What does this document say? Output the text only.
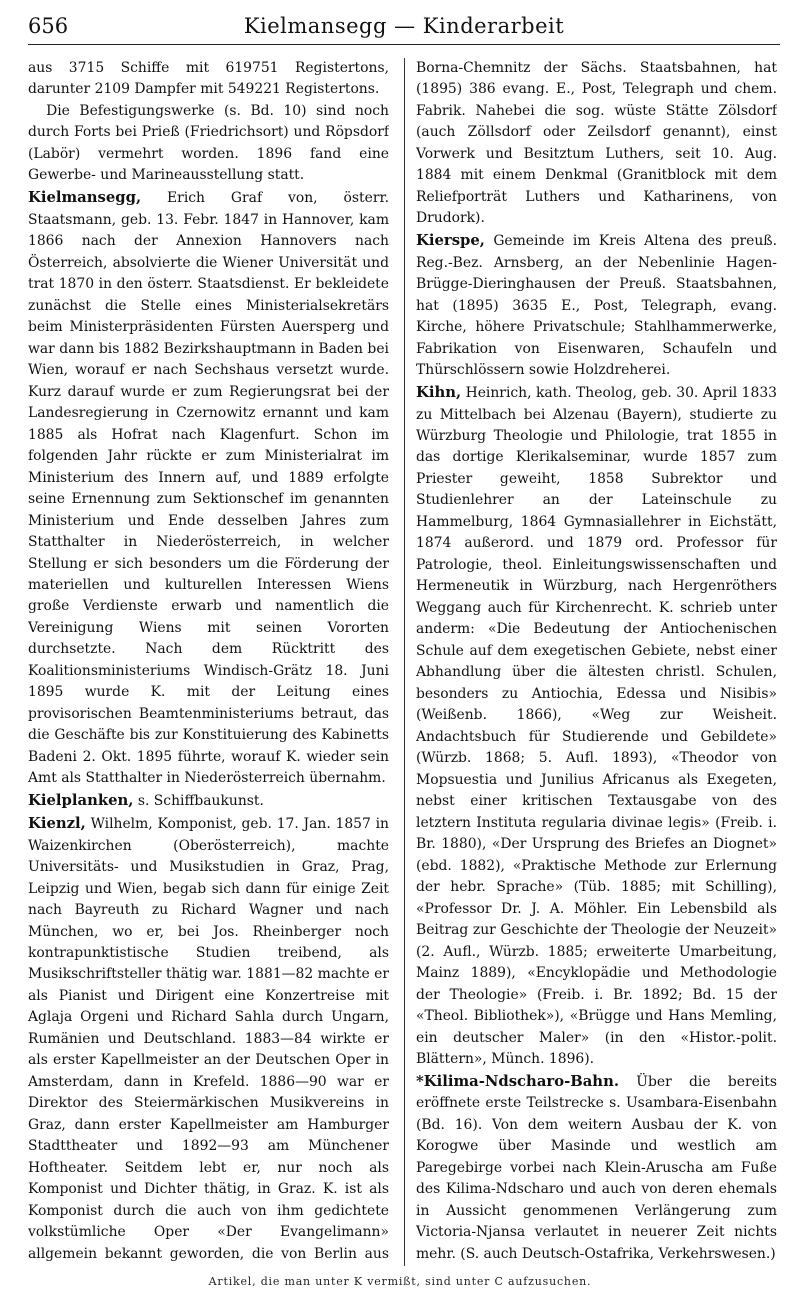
656	Kielmansegg — Kinderarbeit

aus 3715 Schiffe mit 619751 Registertons, darunter 2109 Dampfer mit 549221 Registertons.

Die Befestigungswerke (s. Bd. 10) sind noch durch Forts bei Prieß (Friedrichsort) und Röpsdorf (Labör) vermehrt worden. 1896 fand eine Gewerbe- und Marineausstellung statt.

Kielmansegg, Erich Graf von, österr. Staatsmann, geb. 13. Febr. 1847 in Hannover, kam 1866 nach der Annexion Hannovers nach Österreich, absolvierte die Wiener Universität und trat 1870 in den österr. Staatsdienst. Er bekleidete zunächst die Stelle eines Ministerialsekretärs beim Ministerpräsidenten Fürsten Auersperg und war dann bis 1882 Bezirkshauptmann in Baden bei Wien, worauf er nach Sechshaus versetzt wurde. Kurz darauf wurde er zum Regierungsrat bei der Landesregierung in Czernowitz ernannt und kam 1885 als Hofrat nach Klagenfurt. Schon im folgenden Jahr rückte er zum Ministerialrat im Ministerium des Innern auf, und 1889 erfolgte seine Ernennung zum Sektionschef im genannten Ministerium und Ende desselben Jahres zum Statthalter in Niederösterreich, in welcher Stellung er sich besonders um die Förderung der materiellen und kulturellen Interessen Wiens große Verdienste erwarb und namentlich die Vereinigung Wiens mit seinen Vororten durchsetzte. Nach dem Rücktritt des Koalitionsministeriums Windisch-Grätz 18. Juni 1895 wurde K. mit der Leitung eines provisorischen Beamtenministeriums betraut, das die Geschäfte bis zur Konstituierung des Kabinetts Badeni 2. Okt. 1895 führte, worauf K. wieder sein Amt als Statthalter in Niederösterreich übernahm.

Kielplanken, s. Schiffbaukunst.

Kienzl, Wilhelm, Komponist, geb. 17. Jan. 1857 in Waizenkirchen (Oberösterreich), machte Universitäts- und Musikstudien in Graz, Prag, Leipzig und Wien, begab sich dann für einige Zeit nach Bayreuth zu Richard Wagner und nach München, wo er, bei Jos. Rheinberger noch kontrapunktistische Studien treibend, als Musikschriftsteller thätig war. 1881—82 machte er als Pianist und Dirigent eine Konzertreise mit Aglaja Orgeni und Richard Sahla durch Ungarn, Rumänien und Deutschland. 1883—84 wirkte er als erster Kapellmeister an der Deutschen Oper in Amsterdam, dann in Krefeld. 1886—90 war er Direktor des Steiermärkischen Musikvereins in Graz, dann erster Kapellmeister am Hamburger Stadttheater und 1892—93 am Münchener Hoftheater. Seitdem lebt er, nur noch als Komponist und Dichter thätig, in Graz. K. ist als Komponist durch die auch von ihm gedichtete volkstümliche Oper «Der Evangelimann» allgemein bekannt geworden, die von Berlin aus

Borna-Chemnitz der Sächs. Staatsbahnen, hat (1895) 386 evang. E., Post, Telegraph und chem. Fabrik. Nahebei die sog. wüste Stätte Zölsdorf (auch Zöllsdorf oder Zeilsdorf genannt), einst Vorwerk und Besitztum Luthers, seit 10. Aug. 1884 mit einem Denkmal (Granitblock mit dem Reliefporträt Luthers und Katharinens, von Drudork).

Kierspe, Gemeinde im Kreis Altena des preuß. Reg.-Bez. Arnsberg, an der Nebenlinie Hagen-Brügge-Dieringhausen der Preuß. Staatsbahnen, hat (1895) 3635 E., Post, Telegraph, evang. Kirche, höhere Privatschule; Stahlhammerwerke, Fabrikation von Eisenwaren, Schaufeln und Thürschlössern sowie Holzdreherei.

Kihn, Heinrich, kath. Theolog, geb. 30. April 1833 zu Mittelbach bei Alzenau (Bayern), studierte zu Würzburg Theologie und Philologie, trat 1855 in das dortige Klerikalseminar, wurde 1857 zum Priester geweiht, 1858 Subrektor und Studienlehrer an der Lateinschule zu Hammelburg, 1864 Gymnasiallehrer in Eichstätt, 1874 außerord. und 1879 ord. Professor für Patrologie, theol. Einleitungswissenschaften und Hermeneutik in Würzburg, nach Hergenröthers Weggang auch für Kirchenrecht. K. schrieb unter anderm: «Die Bedeutung der Antiochenischen Schule auf dem exegetischen Gebiete, nebst einer Abhandlung über die ältesten christl. Schulen, besonders zu Antiochia, Edessa und Nisibis» (Weißenb. 1866), «Weg zur Weisheit. Andachtsbuch für Studierende und Gebildete» (Würzb. 1868; 5. Aufl. 1893), «Theodor von Mopsuestia und Junilius Africanus als Exegeten, nebst einer kritischen Textausgabe von des letztern Instituta regularia divinae legis» (Freib. i. Br. 1880), «Der Ursprung des Briefes an Diognet» (ebd. 1882), «Praktische Methode zur Erlernung der hebr. Sprache» (Tüb. 1885; mit Schilling), «Professor Dr. J. A. Möhler. Ein Lebensbild als Beitrag zur Geschichte der Theologie der Neuzeit» (2. Aufl., Würzb. 1885; erweiterte Umarbeitung, Mainz 1889), «Encyklopädie und Methodologie der Theologie» (Freib. i. Br. 1892; Bd. 15 der «Theol. Bibliothek»), «Brügge und Hans Memling, ein deutscher Maler» (in den «Histor.-polit. Blättern», Münch. 1896).

*Kilima-Ndscharo-Bahn. Über die bereits eröffnete erste Teilstrecke s. Usambara-Eisenbahn (Bd. 16). Von dem weitern Ausbau der K. von Korogwe über Masinde und westlich am Paregebirge vorbei nach Klein-Aruscha am Fuße des Kilima-Ndscharo und auch von deren ehemals in Aussicht genommenen Verlängerung zum Victoria-Njansa verlautet in neuerer Zeit nichts mehr. (S. auch Deutsch-Ostafrika, Verkehrswesen.)

Artikel, die man unter K vermißt, sind unter C aufzusuchen.
